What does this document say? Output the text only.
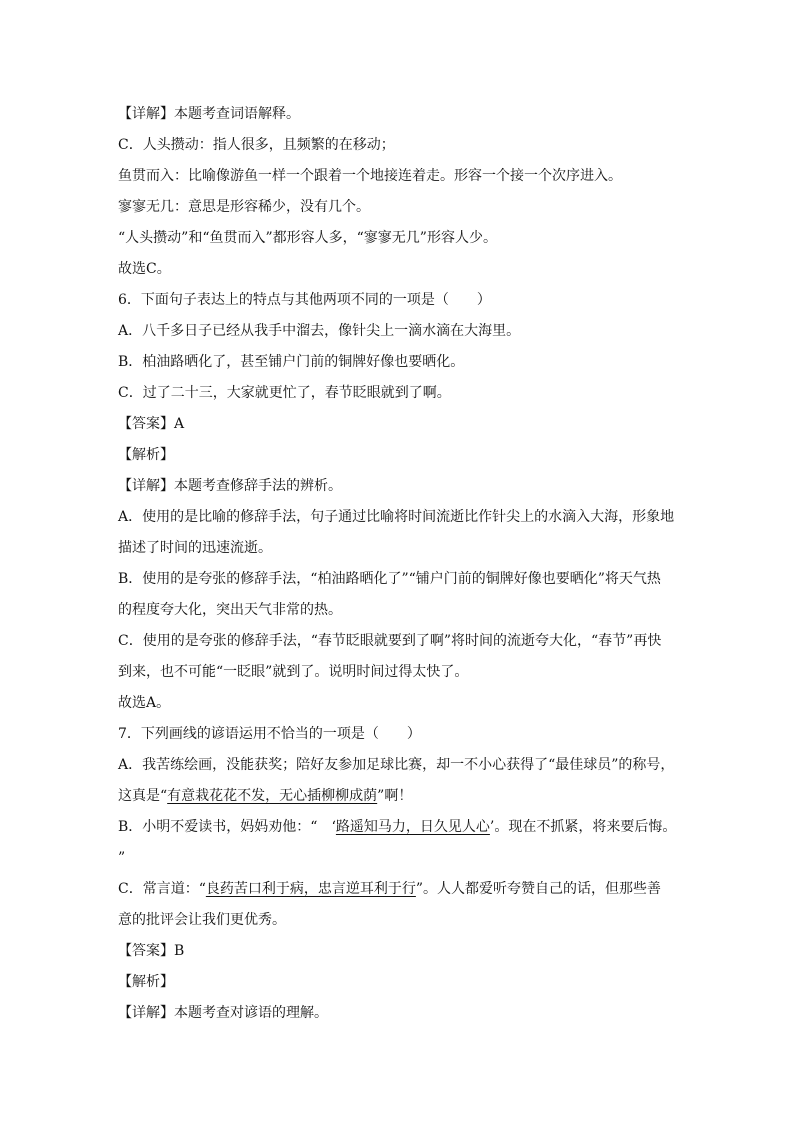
【详解】本题考查词语解释。
C．人头攒动：指人很多，且频繁的在移动；
鱼贯而入：比喻像游鱼一样一个跟着一个地接连着走。形容一个接一个次序进入。
寥寥无几：意思是形容稀少，没有几个。
“人头攒动”和“鱼贯而入”都形容人多，“寥寥无几”形容人少。
故选C。
6．下面句子表达上的特点与其他两项不同的一项是（　　）
A．八千多日子已经从我手中溜去，像针尖上一滴水滴在大海里。
B．柏油路晒化了，甚至铺户门前的铜牌好像也要晒化。
C．过了二十三，大家就更忙了，春节眨眼就到了啊。
【答案】A
【解析】
【详解】本题考查修辞手法的辨析。
A．使用的是比喻的修辞手法，句子通过比喻将时间流逝比作针尖上的水滴入大海，形象地
描述了时间的迅速流逝。
B．使用的是夸张的修辞手法，“柏油路晒化了”“铺户门前的铜牌好像也要晒化”将天气热
的程度夸大化，突出天气非常的热。
C．使用的是夸张的修辞手法，“春节眨眼就要到了啊”将时间的流逝夸大化，“春节”再快
到来，也不可能“一眨眼”就到了。说明时间过得太快了。
故选A。
7．下列画线的谚语运用不恰当的一项是（　　）
A．我苦练绘画，没能获奖；陪好友参加足球比赛，却一不小心获得了“最佳球员”的称号，
这真是“有意栽花花不发，无心插柳柳成荫”啊！
B．小明不爱读书，妈妈劝他：“　‘路遥知马力，日久见人心’。现在不抓紧，将来要后悔。
”
C．常言道：“良药苦口利于病，忠言逆耳利于行”。人人都爱听夸赞自己的话，但那些善
意的批评会让我们更优秀。
【答案】B
【解析】
【详解】本题考查对谚语的理解。
